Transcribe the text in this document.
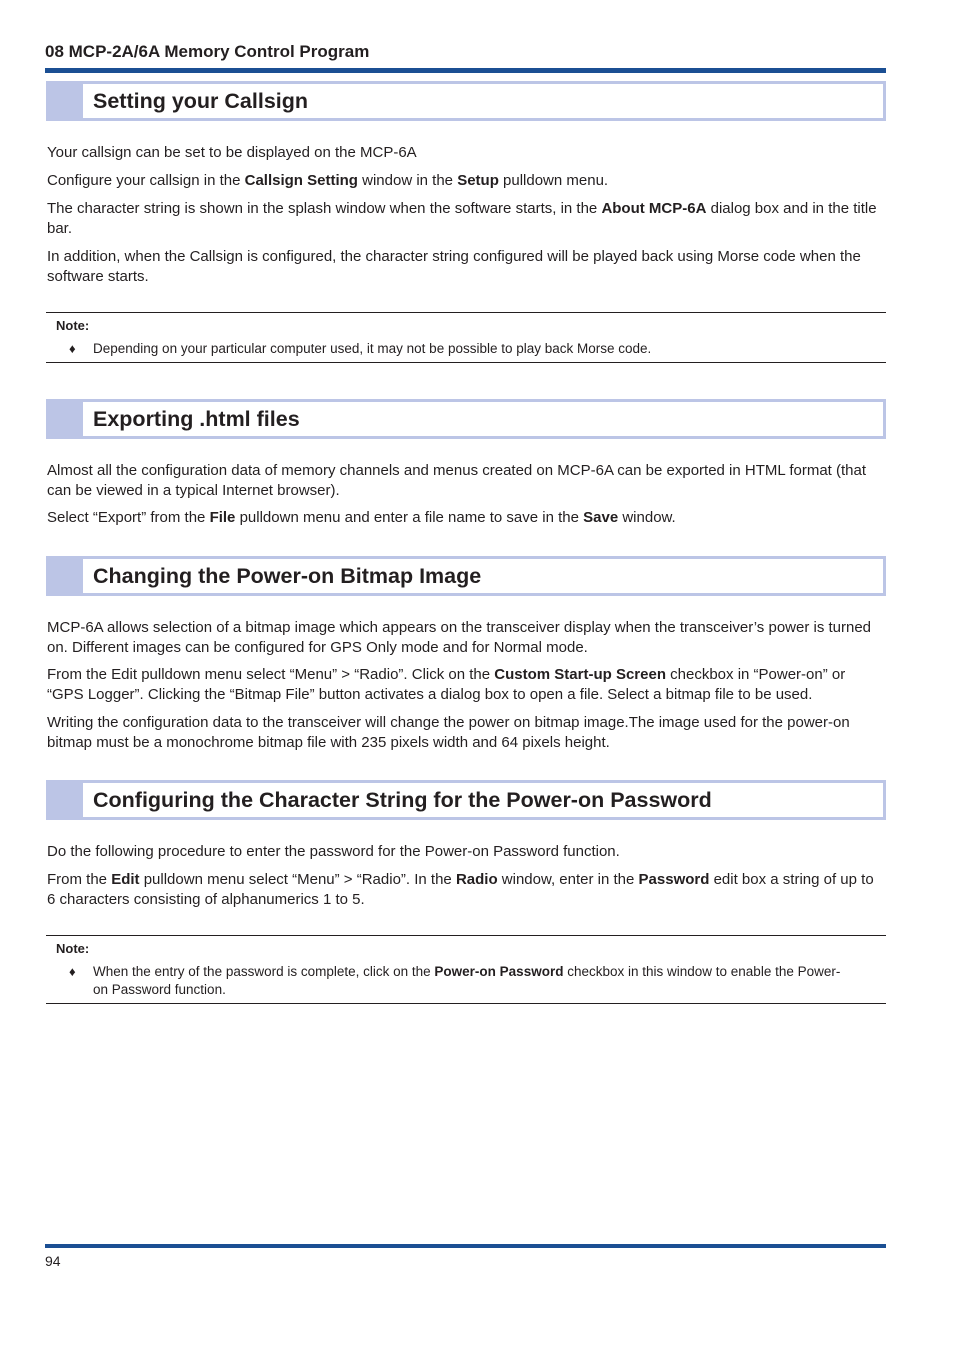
08 MCP-2A/6A Memory Control Program
Setting your Callsign
Your callsign can be set to be displayed on the MCP-6A
Configure your callsign in the Callsign Setting window in the Setup pulldown menu.
The character string is shown in the splash window when the software starts, in the About MCP-6A dialog box and in the title bar.
In addition, when the Callsign is configured, the character string configured will be played back using Morse code when the software starts.
Note:
♦ Depending on your particular computer used, it may not be possible to play back Morse code.
Exporting .html files
Almost all the configuration data of memory channels and menus created on MCP-6A can be exported in HTML format (that can be viewed in a typical Internet browser).
Select “Export” from the File pulldown menu and enter a file name to save in the Save window.
Changing the Power-on Bitmap Image
MCP-6A allows selection of a bitmap image which appears on the transceiver display when the transceiver’s power is turned on. Different images can be configured for GPS Only mode and for Normal mode.
From the Edit pulldown menu select “Menu” > “Radio”. Click on the Custom Start-up Screen checkbox in “Power-on” or “GPS Logger”. Clicking the “Bitmap File” button activates a dialog box to open a file. Select a bitmap file to be used.
Writing the configuration data to the transceiver will change the power on bitmap image.The image used for the power-on bitmap must be a monochrome bitmap file with 235 pixels width and 64 pixels height.
Configuring the Character String for the Power-on Password
Do the following procedure to enter the password for the Power-on Password function.
From the Edit pulldown menu select “Menu” > “Radio”. In the Radio window, enter in the Password edit box a string of up to 6 characters consisting of alphanumerics 1 to 5.
Note:
♦ When the entry of the password is complete, click on the Power-on Password checkbox in this window to enable the Power-on Password function.
94
